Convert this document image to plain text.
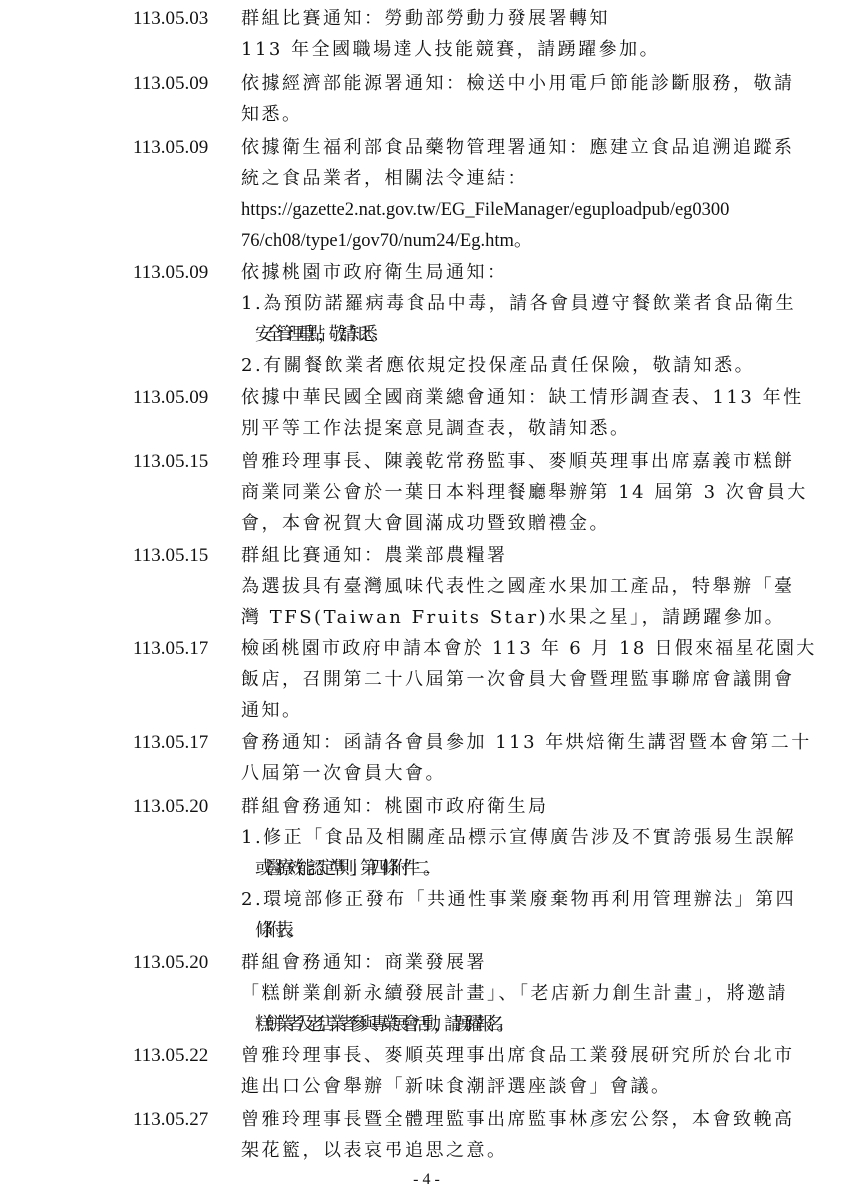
113.05.03 群組比賽通知：勞動部勞動力發展署轉知
113 年全國職場達人技能競賽，請踴躍參加。
113.05.09 依據經濟部能源署通知：檢送中小用電戶節能診斷服務，敬請
知悉。
113.05.09 依據衛生福利部食品藥物管理署通知：應建立食品追溯追蹤系
統之食品業者，相關法令連結：
https://gazette2.nat.gov.tw/EG_FileManager/eguploadpub/eg0300
76/ch08/type1/gov70/num24/Eg.htm。
113.05.09 依據桃園市政府衛生局通知：
1.為預防諾羅病毒食品中毒，請各會員遵守餐飲業者食品衛生
安全管理重點，敬請知悉。
2.有關餐飲業者應依規定投保產品責任保險，敬請知悉。
113.05.09 依據中華民國全國商業總會通知：缺工情形調查表、113 年性
別平等工作法提案意見調查表，敬請知悉。
113.05.15 曾雅玲理事長、陳義乾常務監事、麥順英理事出席嘉義市糕餅
商業同業公會於一葉日本料理餐廳舉辦第 14 屆第 3 次會員大
會，本會祝賀大會圓滿成功暨致贈禮金。
113.05.15 群組比賽通知：農業部農糧署
為選拔具有臺灣風味代表性之國產水果加工產品，特舉辦「臺
灣 TFS(Taiwan Fruits Star)水果之星」，請踴躍參加。
113.05.17 檢函桃園市政府申請本會於 113 年 6 月 18 日假來福星花園大
飯店，召開第二十八屆第一次會員大會暨理監事聯席會議開會
通知。
113.05.17 會務通知：函請各會員參加 113 年烘焙衛生講習暨本會第二十
八屆第一次會員大會。
113.05.20 群組會務通知：桃園市政府衛生局
1.修正「食品及相關產品標示宣傳廣告涉及不實誇張易生誤解
或醫療效能認定準則」第四條附件二。
2.環境部修正發布「共通性事業廢棄物再利用管理辦法」第四
條附表。
113.05.20 群組會務通知：商業發展署
「糕餅業創新永續發展計畫」、「老店新力創生計畫」，將邀請
糕餅業者及老店業者參與專業展會活動，請踴躍報名。
113.05.22 曾雅玲理事長、麥順英理事出席食品工業發展研究所於台北市
進出口公會舉辦「新味食潮評選座談會」會議。
113.05.27 曾雅玲理事長暨全體理監事出席監事林彥宏公祭，本會致輓高
架花籃，以表哀弔追思之意。
- 4 -
